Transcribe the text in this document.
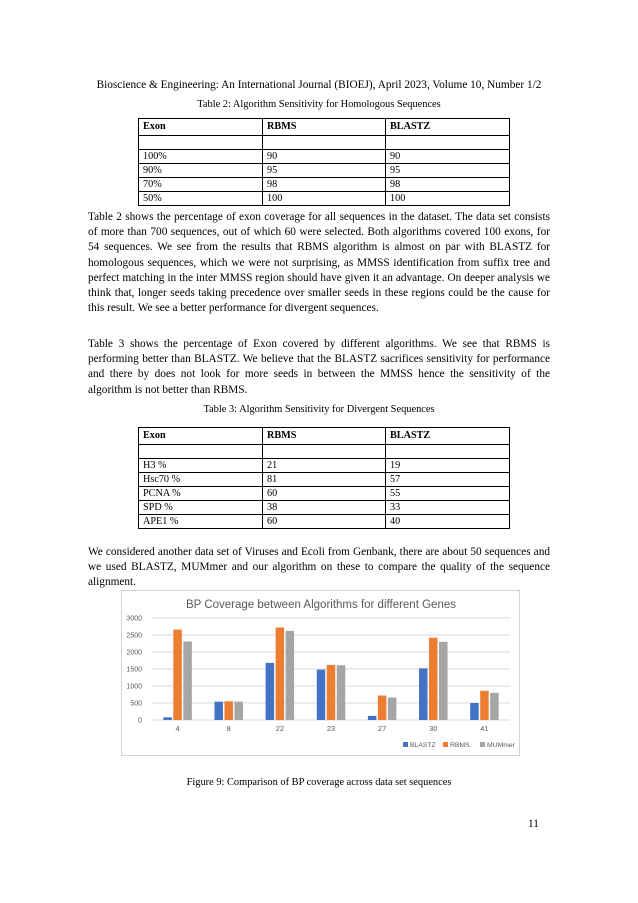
Bioscience & Engineering: An International Journal (BIOEJ), April 2023, Volume 10, Number 1/2
Table 2: Algorithm Sensitivity for Homologous Sequences
Exon	RBMS	BLASTZ

100%	90	90
90%	95	95
70%	98	98
50%	100	100
Table 2 shows the percentage of exon coverage for all sequences in the dataset. The data set consists of more than 700 sequences, out of which 60 were selected. Both algorithms covered 100 exons, for 54 sequences. We see from the results that RBMS algorithm is almost on par with BLASTZ for homologous sequences, which we were not surprising, as MMSS identification from suffix tree and perfect matching in the inter MMSS region should have given it an advantage. On deeper analysis we think that, longer seeds taking precedence over smaller seeds in these regions could be the cause for this result. We see a better performance for divergent sequences.
Table 3 shows the percentage of Exon covered by different algorithms. We see that RBMS is performing better than BLASTZ. We believe that the BLASTZ sacrifices sensitivity for performance and there by does not look for more seeds in between the MMSS hence the sensitivity of the algorithm is not better than RBMS.
Table 3: Algorithm Sensitivity for Divergent Sequences
Exon	RBMS	BLASTZ

H3 %	21	19
Hsc70 %	81	57
PCNA %	60	55
SPD %	38	33
APE1 %	60	40
We considered another data set of Viruses and Ecoli from Genbank, there are about 50 sequences and we used BLASTZ, MUMmer and our algorithm on these to compare the quality of the sequence alignment.
BP Coverage between Algorithms for different Genes
0
500
1000
1500
2000
2500
3000
4	8	22	23	27	30	41
BLASTZ RBMS	MUMmer
Figure 9: Comparison of BP coverage across data set sequences
11
